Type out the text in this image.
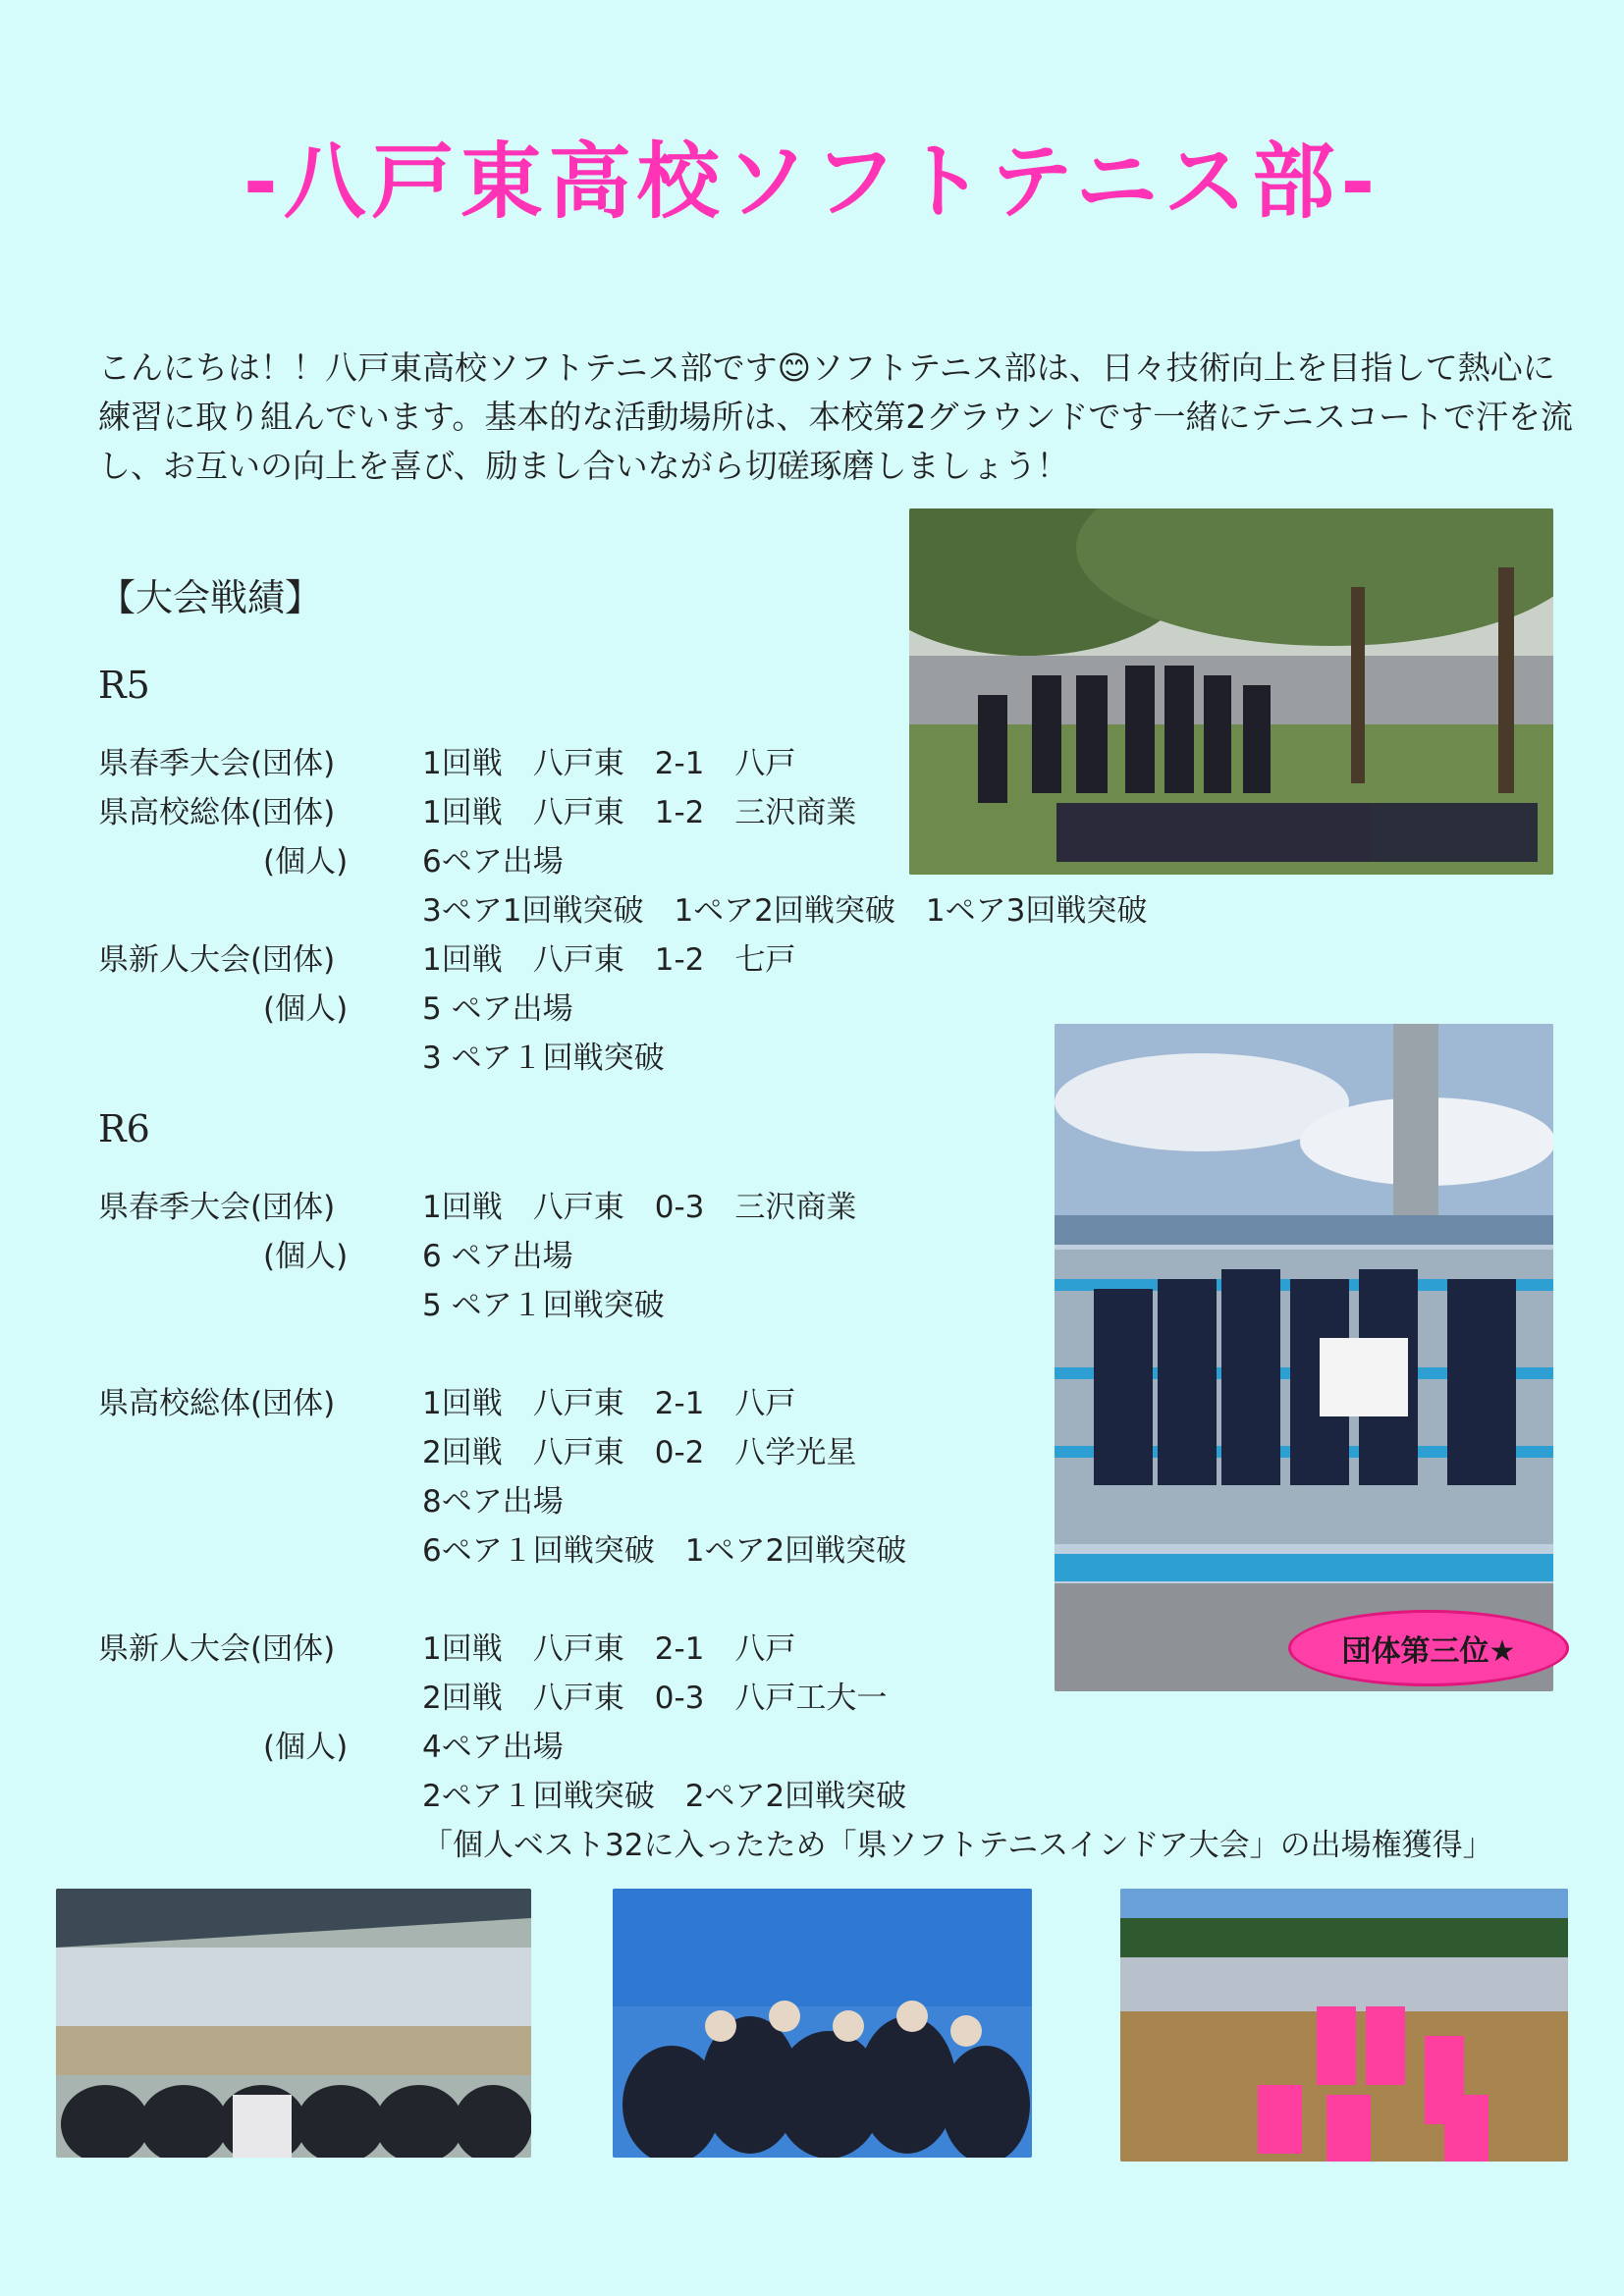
-八戸東高校ソフトテニス部-
こんにちは！！八戸東高校ソフトテニス部です😊ソフトテニス部は、日々技術向上を目指して熱心に
練習に取り組んでいます。基本的な活動場所は、本校第2グラウンドです一緒にテニスコートで汗を流
し、お互いの向上を喜び、励まし合いながら切磋琢磨しましょう！
【大会戦績】
R5
県春季大会(団体)	1回戦　八戸東　2-1　八戸
県高校総体(団体)	1回戦　八戸東　1-2　三沢商業
(個人)	6ペア出場
3ペア1回戦突破　1ペア2回戦突破　1ペア3回戦突破
県新人大会(団体)	1回戦　八戸東　1-2　七戸
(個人)	5 ペア出場
3 ペア１回戦突破
R6
県春季大会(団体)	1回戦　八戸東　0-3　三沢商業
(個人)	6 ペア出場
5 ペア１回戦突破
県高校総体(団体)	1回戦　八戸東　2-1　八戸
2回戦　八戸東　0-2　八学光星
8ペア出場
6ペア１回戦突破　1ペア2回戦突破
県新人大会(団体)	1回戦　八戸東　2-1　八戸
2回戦　八戸東　0-3　八戸工大一
(個人)	4ペア出場
2ペア１回戦突破　2ペア2回戦突破
「個人ベスト32に入ったため「県ソフトテニスインドア大会」の出場権獲得」
団体第三位★
